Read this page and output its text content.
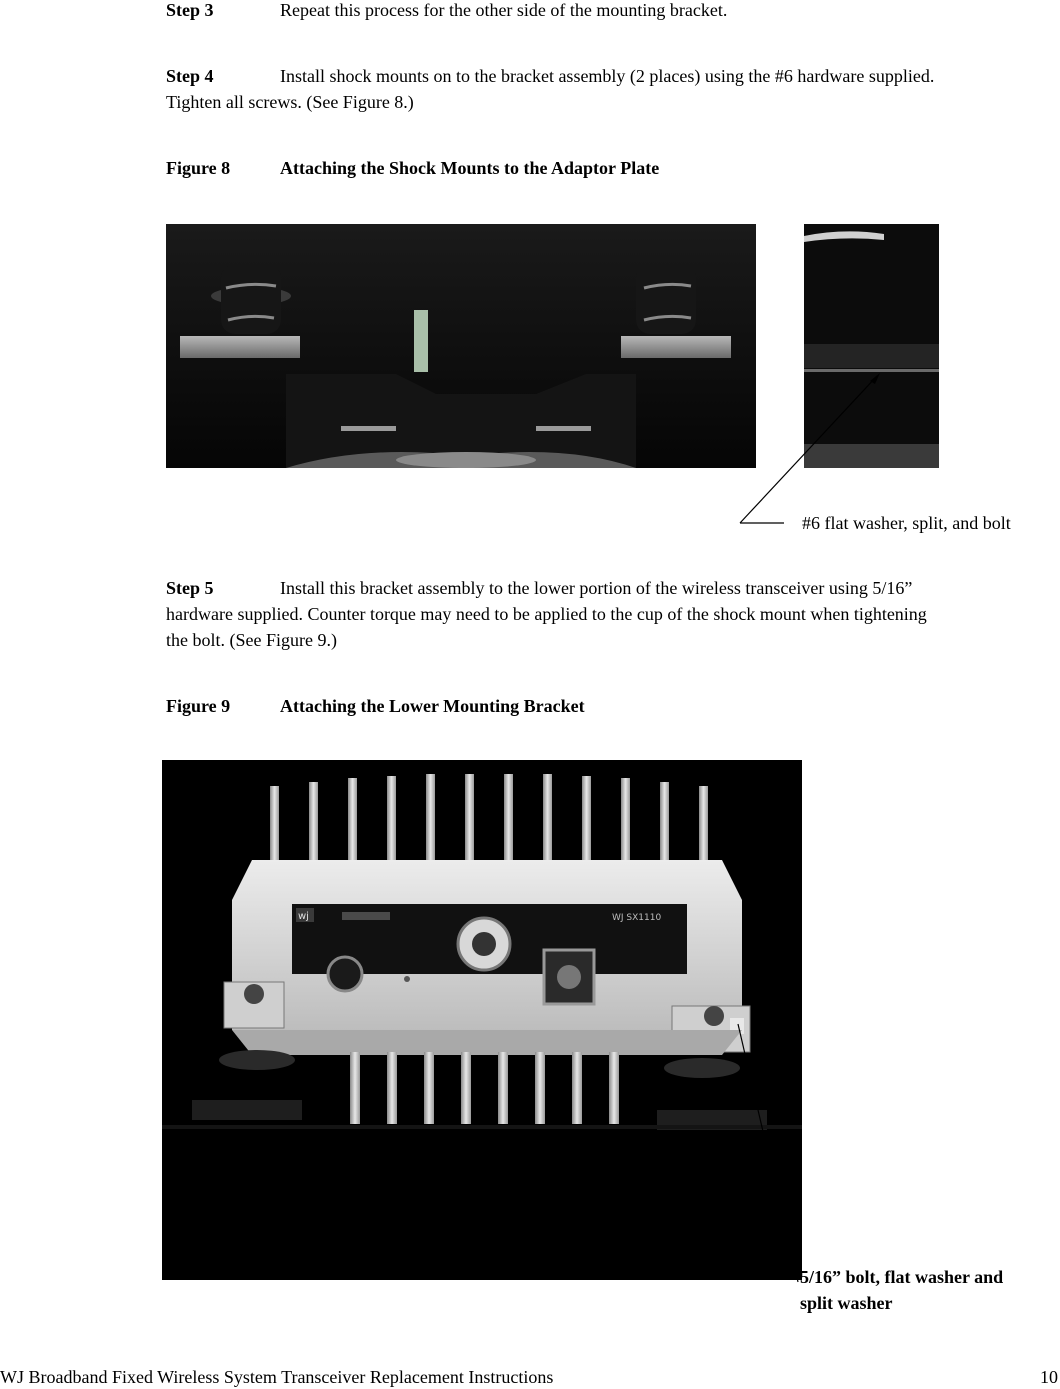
Step 3	Repeat this process for the other side of the mounting bracket.
Step 4	Install shock mounts on to the bracket assembly (2 places) using the #6 hardware supplied.
Tighten all screws. (See Figure 8.)
Figure 8	Attaching the Shock Mounts to the Adaptor Plate
#6 flat washer, split, and bolt
Step 5	Install this bracket assembly to the lower portion of the wireless transceiver using 5/16”
hardware supplied. Counter torque may need to be applied to the cup of the shock mount when tightening
the bolt. (See Figure 9.)
Figure 9	Attaching the Lower Mounting Bracket
wj	WJ SX1110
5/16” bolt, flat washer and
split washer
WJ Broadband Fixed Wireless System Transceiver Replacement Instructions	10
